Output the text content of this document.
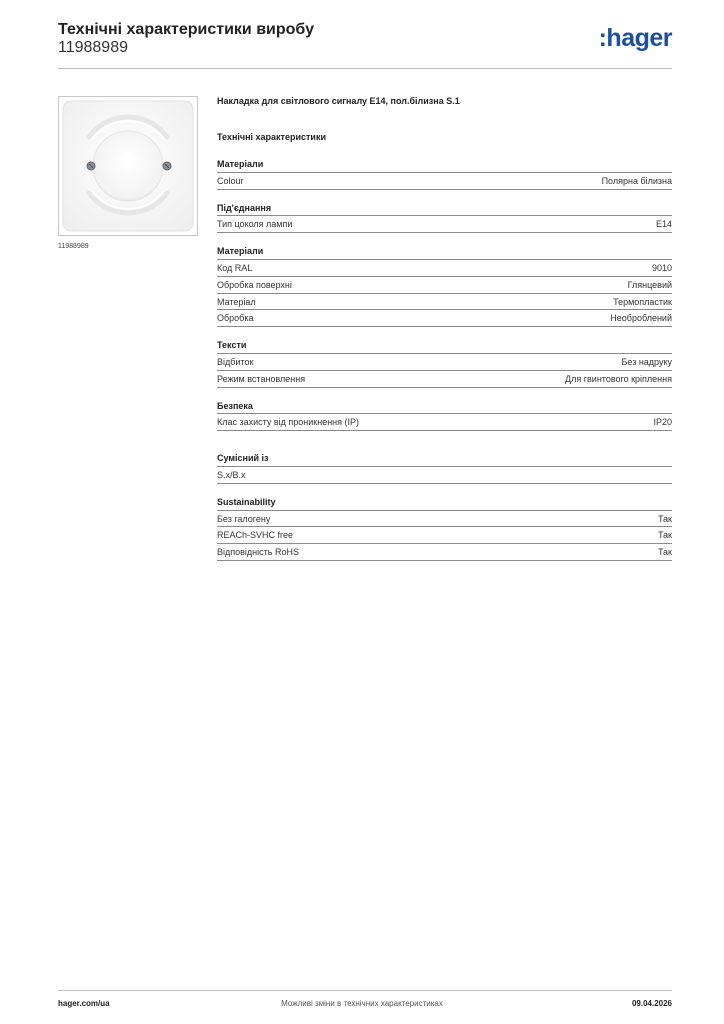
Технічні характеристики виробу
11988989	:hager
11988989
Накладка для світлового сигналу E14, пол.білизна S.1
Технічні характеристики
Матеріали
Colour	Полярна білизна
Під'єднання
Тип цоколя лампи	E14
Матеріали
Код RAL	9010
Обробка поверхні	Глянцевий
Матеріал	Термопластик
Обробка	Необроблений
Тексти
Відбиток	Без надруку
Режим встановлення	Для гвинтового кріплення
Безпека
Клас захисту від проникнення (IP)	IP20
Сумісний із
S.x/B.x
Sustainability
Без галогену	Так
REACh-SVHC free	Так
Відповідність RoHS	Так
hager.com/ua	Можливі зміни в технічних характеристиках	09.04.2026
